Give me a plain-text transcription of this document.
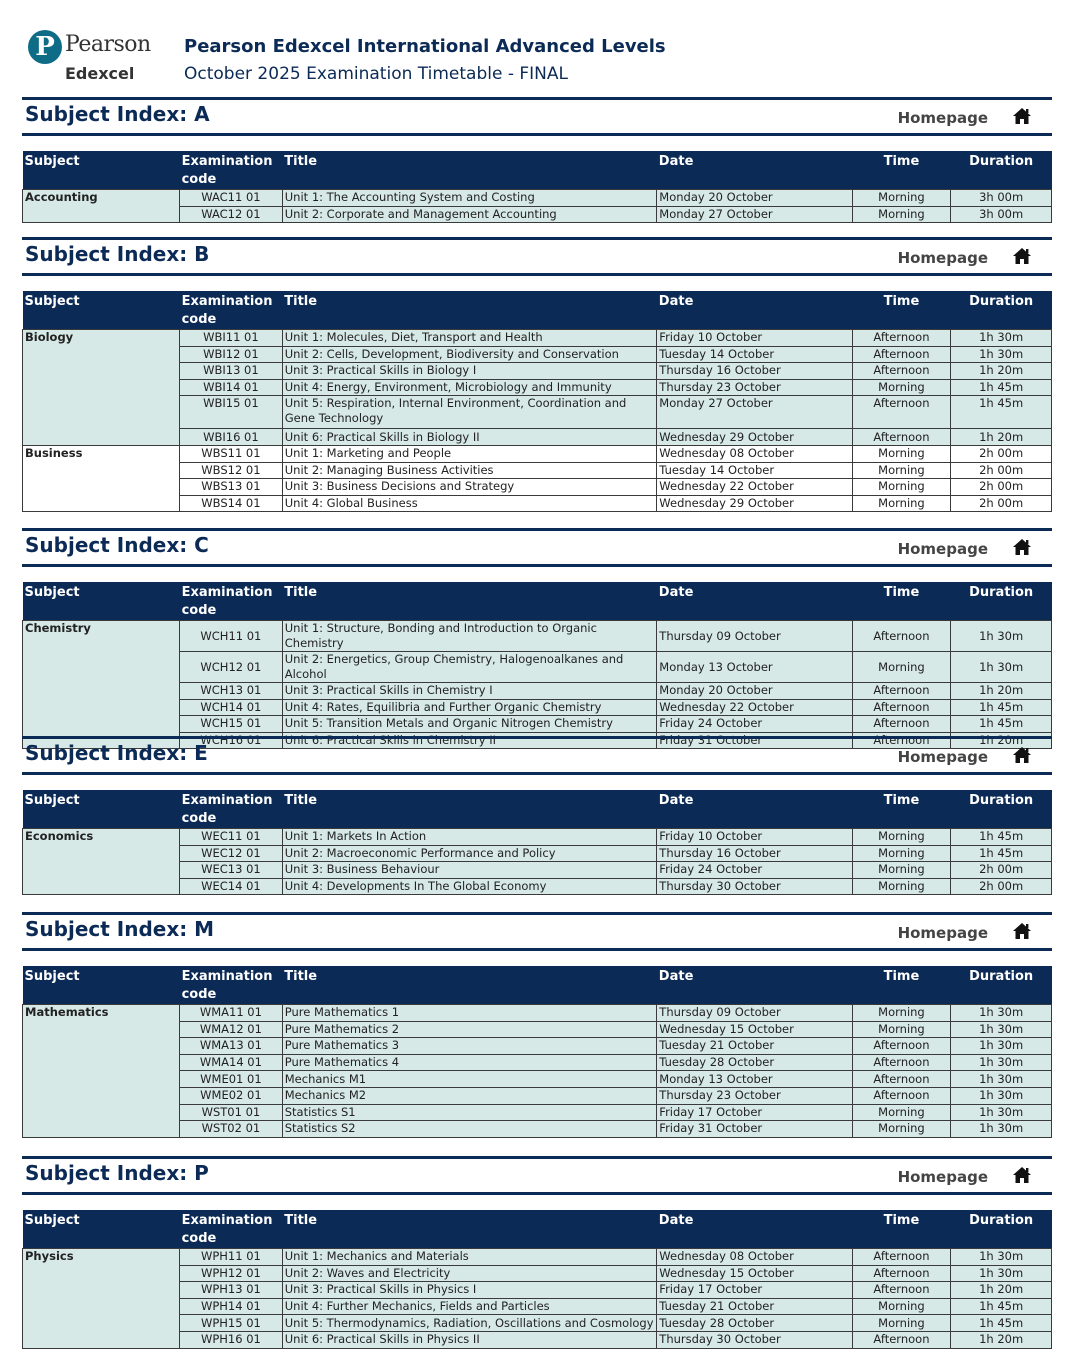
P Pearson
Edexcel
Pearson Edexcel International Advanced Levels
October 2025 Examination Timetable - FINAL
Subject Index: A	Homepage
Subject	Examination code	Title	Date	Time	Duration
Accounting	WAC11 01	Unit 1: The Accounting System and Costing	Monday 20 October	Morning	3h 00m
	WAC12 01	Unit 2: Corporate and Management Accounting	Monday 27 October	Morning	3h 00m
Subject Index: B	Homepage
Subject	Examination code	Title	Date	Time	Duration
Biology	WBI11 01	Unit 1: Molecules, Diet, Transport and Health	Friday 10 October	Afternoon	1h 30m
	WBI12 01	Unit 2: Cells, Development, Biodiversity and Conservation	Tuesday 14 October	Afternoon	1h 30m
	WBI13 01	Unit 3: Practical Skills in Biology I	Thursday 16 October	Afternoon	1h 20m
	WBI14 01	Unit 4: Energy, Environment, Microbiology and Immunity	Thursday 23 October	Morning	1h 45m
	WBI15 01	Unit 5: Respiration, Internal Environment, Coordination and Gene Technology	Monday 27 October	Afternoon	1h 45m
	WBI16 01	Unit 6: Practical Skills in Biology II	Wednesday 29 October	Afternoon	1h 20m
Business	WBS11 01	Unit 1: Marketing and People	Wednesday 08 October	Morning	2h 00m
	WBS12 01	Unit 2: Managing Business Activities	Tuesday 14 October	Morning	2h 00m
	WBS13 01	Unit 3: Business Decisions and Strategy	Wednesday 22 October	Morning	2h 00m
	WBS14 01	Unit 4: Global Business	Wednesday 29 October	Morning	2h 00m
Subject Index: C	Homepage
Subject	Examination code	Title	Date	Time	Duration
Chemistry	WCH11 01	Unit 1: Structure, Bonding and Introduction to Organic Chemistry	Thursday 09 October	Afternoon	1h 30m
	WCH12 01	Unit 2: Energetics, Group Chemistry, Halogenoalkanes and Alcohol	Monday 13 October	Morning	1h 30m
	WCH13 01	Unit 3: Practical Skills in Chemistry I	Monday 20 October	Afternoon	1h 20m
	WCH14 01	Unit 4: Rates, Equilibria and Further Organic Chemistry	Wednesday 22 October	Afternoon	1h 45m
	WCH15 01	Unit 5: Transition Metals and Organic Nitrogen Chemistry	Friday 24 October	Afternoon	1h 45m
	WCH16 01	Unit 6: Practical Skills in Chemistry II	Friday 31 October	Afternoon	1h 20m
Subject Index: E	Homepage
Subject	Examination code	Title	Date	Time	Duration
Economics	WEC11 01	Unit 1: Markets In Action	Friday 10 October	Morning	1h 45m
	WEC12 01	Unit 2: Macroeconomic Performance and Policy	Thursday 16 October	Morning	1h 45m
	WEC13 01	Unit 3: Business Behaviour	Friday 24 October	Morning	2h 00m
	WEC14 01	Unit 4: Developments In The Global Economy	Thursday 30 October	Morning	2h 00m
Subject Index: M	Homepage
Subject	Examination code	Title	Date	Time	Duration
Mathematics	WMA11 01	Pure Mathematics 1	Thursday 09 October	Morning	1h 30m
	WMA12 01	Pure Mathematics 2	Wednesday 15 October	Morning	1h 30m
	WMA13 01	Pure Mathematics 3	Tuesday 21 October	Afternoon	1h 30m
	WMA14 01	Pure Mathematics 4	Tuesday 28 October	Afternoon	1h 30m
	WME01 01	Mechanics M1	Monday 13 October	Afternoon	1h 30m
	WME02 01	Mechanics M2	Thursday 23 October	Afternoon	1h 30m
	WST01 01	Statistics S1	Friday 17 October	Morning	1h 30m
	WST02 01	Statistics S2	Friday 31 October	Morning	1h 30m
Subject Index: P	Homepage
Subject	Examination code	Title	Date	Time	Duration
Physics	WPH11 01	Unit 1: Mechanics and Materials	Wednesday 08 October	Afternoon	1h 30m
	WPH12 01	Unit 2: Waves and Electricity	Wednesday 15 October	Afternoon	1h 30m
	WPH13 01	Unit 3: Practical Skills in Physics I	Friday 17 October	Afternoon	1h 20m
	WPH14 01	Unit 4: Further Mechanics, Fields and Particles	Tuesday 21 October	Morning	1h 45m
	WPH15 01	Unit 5: Thermodynamics, Radiation, Oscillations and Cosmology	Tuesday 28 October	Morning	1h 45m
	WPH16 01	Unit 6: Practical Skills in Physics II	Thursday 30 October	Afternoon	1h 20m
